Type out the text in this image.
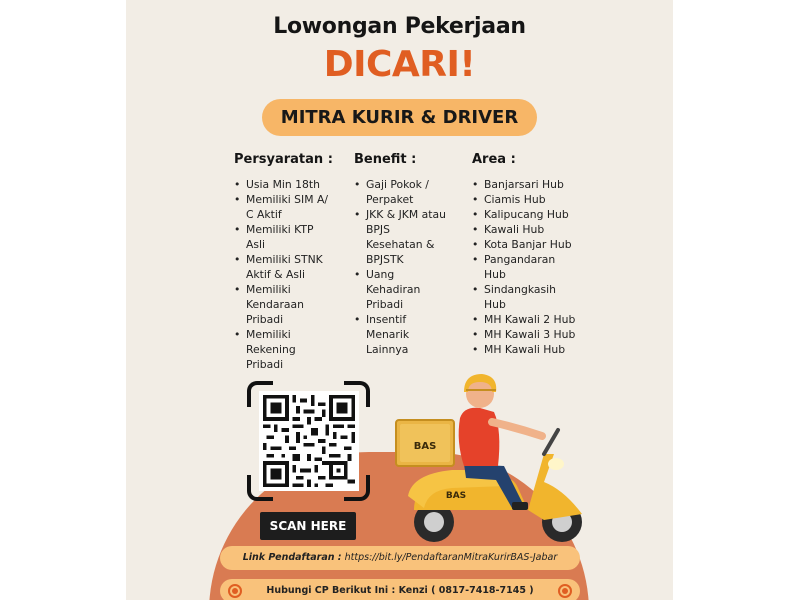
Lowongan Pekerjaan
DICARI!
MITRA KURIR & DRIVER
Persyaratan :
• Usia Min 18th
• Memiliki SIM A/
C Aktif
• Memiliki KTP
Asli
• Memiliki STNK
Aktif & Asli
• Memiliki
Kendaraan
Pribadi
• Memiliki
Rekening
Pribadi
Benefit :
• Gaji Pokok /
Perpaket
• JKK & JKM atau
BPJS
Kesehatan &
BPJSTK
• Uang
Kehadiran
Pribadi
• Insentif
Menarik
Lainnya
Area :
• Banjarsari Hub
• Ciamis Hub
• Kalipucang Hub
• Kawali Hub
• Kota Banjar Hub
• Pangandaran
Hub
• Sindangkasih
Hub
• MH Kawali 2 Hub
• MH Kawali 3 Hub
• MH Kawali Hub
SCAN HERE
BAS
BAS
Link Pendaftaran : https://bit.ly/PendaftaranMitraKurirBAS-Jabar
Hubungi CP Berikut Ini : Kenzi ( 0817-7418-7145 )
